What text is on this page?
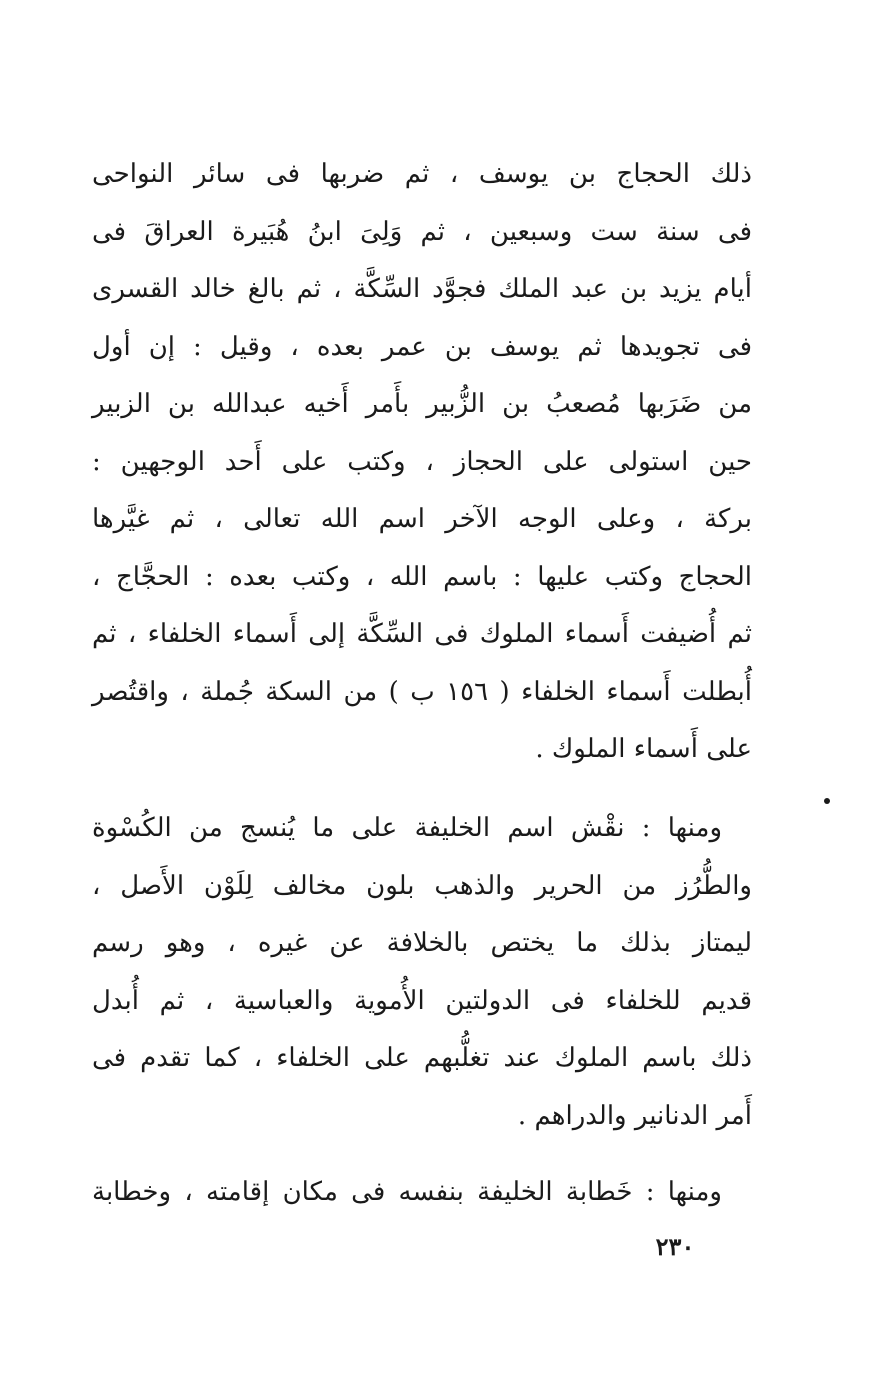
ذلك الحجاج بن يوسف ، ثم ضربها فى سائر النواحى
فى سنة ست وسبعين ، ثم وَلِىَ ابنُ هُبَيرة العراقَ فى
أيام يزيد بن عبد الملك فجوَّد السِّكَّة ، ثم بالغ خالد القسرى
فى تجويدها ثم يوسف بن عمر بعده ، وقيل : إن أول
من ضَرَبها مُصعبُ بن الزُّبير بأَمر أَخيه عبدالله بن الزبير
حين استولى على الحجاز ، وكتب على أَحد الوجهين :
بركة ، وعلى الوجه الآخر اسم الله تعالى ، ثم غيَّرها
الحجاج وكتب عليها : باسم الله ، وكتب بعده : الحجَّاج ،
ثم أُضيفت أَسماء الملوك فى السِّكَّة إلى أَسماء الخلفاء ، ثم
أُبطلت أَسماء الخلفاء ( ١٥٦ ب ) من السكة جُملة ، واقتُصر
على أَسماء الملوك .
ومنها : نقْش اسم الخليفة على ما يُنسج من الكُسْوة
والطُّرُز من الحرير والذهب بلون مخالف لِلَوْن الأَصل ،
ليمتاز بذلك ما يختص بالخلافة عن غيره ، وهو رسم
قديم للخلفاء فى الدولتين الأُموية والعباسية ، ثم أُبدل
ذلك باسم الملوك عند تغلُّبهم على الخلفاء ، كما تقدم فى
أَمر الدنانير والدراهم .
ومنها : خَطابة الخليفة بنفسه فى مكان إقامته ، وخطابة
٢٣٠
